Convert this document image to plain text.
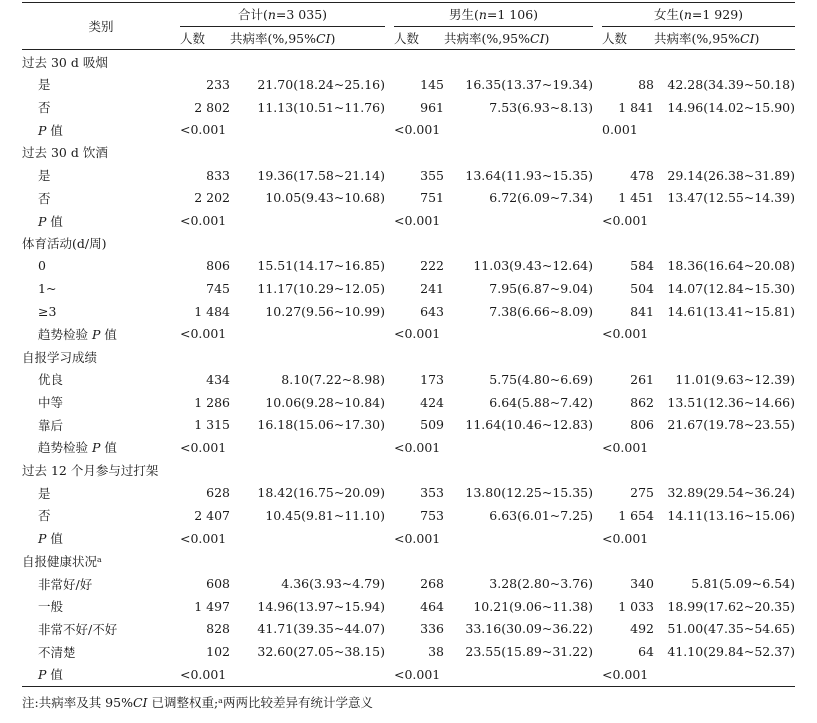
类别	合计(n=3 035)			男生(n=1 106)			女生(n=1 929)	
	人数	共病率(%,95%CI)		人数	共病率(%,95%CI)		人数	共病率(%,95%CI)
过去 30 d 吸烟								
是	233	21.70(18.24~25.16)		145	16.35(13.37~19.34)		88	42.28(34.39~50.18)
否	2 802	11.13(10.51~11.76)		961	7.53(6.93~8.13)		1 841	14.96(14.02~15.90)
P 值	<0.001			<0.001			0.001	
过去 30 d 饮酒								
是	833	19.36(17.58~21.14)		355	13.64(11.93~15.35)		478	29.14(26.38~31.89)
否	2 202	10.05(9.43~10.68)		751	6.72(6.09~7.34)		1 451	13.47(12.55~14.39)
P 值	<0.001			<0.001			<0.001	
体育活动(d/周)								
0	806	15.51(14.17~16.85)		222	11.03(9.43~12.64)		584	18.36(16.64~20.08)
1~	745	11.17(10.29~12.05)		241	7.95(6.87~9.04)		504	14.07(12.84~15.30)
≥3	1 484	10.27(9.56~10.99)		643	7.38(6.66~8.09)		841	14.61(13.41~15.81)
趋势检验 P 值	<0.001			<0.001			<0.001	
自报学习成绩								
优良	434	8.10(7.22~8.98)		173	5.75(4.80~6.69)		261	11.01(9.63~12.39)
中等	1 286	10.06(9.28~10.84)		424	6.64(5.88~7.42)		862	13.51(12.36~14.66)
靠后	1 315	16.18(15.06~17.30)		509	11.64(10.46~12.83)		806	21.67(19.78~23.55)
趋势检验 P 值	<0.001			<0.001			<0.001	
过去 12 个月参与过打架								
是	628	18.42(16.75~20.09)		353	13.80(12.25~15.35)		275	32.89(29.54~36.24)
否	2 407	10.45(9.81~11.10)		753	6.63(6.01~7.25)		1 654	14.11(13.16~15.06)
P 值	<0.001			<0.001			<0.001	
自报健康状况ᵃ								
非常好/好	608	4.36(3.93~4.79)		268	3.28(2.80~3.76)		340	5.81(5.09~6.54)
一般	1 497	14.96(13.97~15.94)		464	10.21(9.06~11.38)		1 033	18.99(17.62~20.35)
非常不好/不好	828	41.71(39.35~44.07)		336	33.16(30.09~36.22)		492	51.00(47.35~54.65)
不清楚	102	32.60(27.05~38.15)		38	23.55(15.89~31.22)		64	41.10(29.84~52.37)
P 值	<0.001			<0.001			<0.001	
注:共病率及其 95%CI 已调整权重;ᵃ两两比较差异有统计学意义
